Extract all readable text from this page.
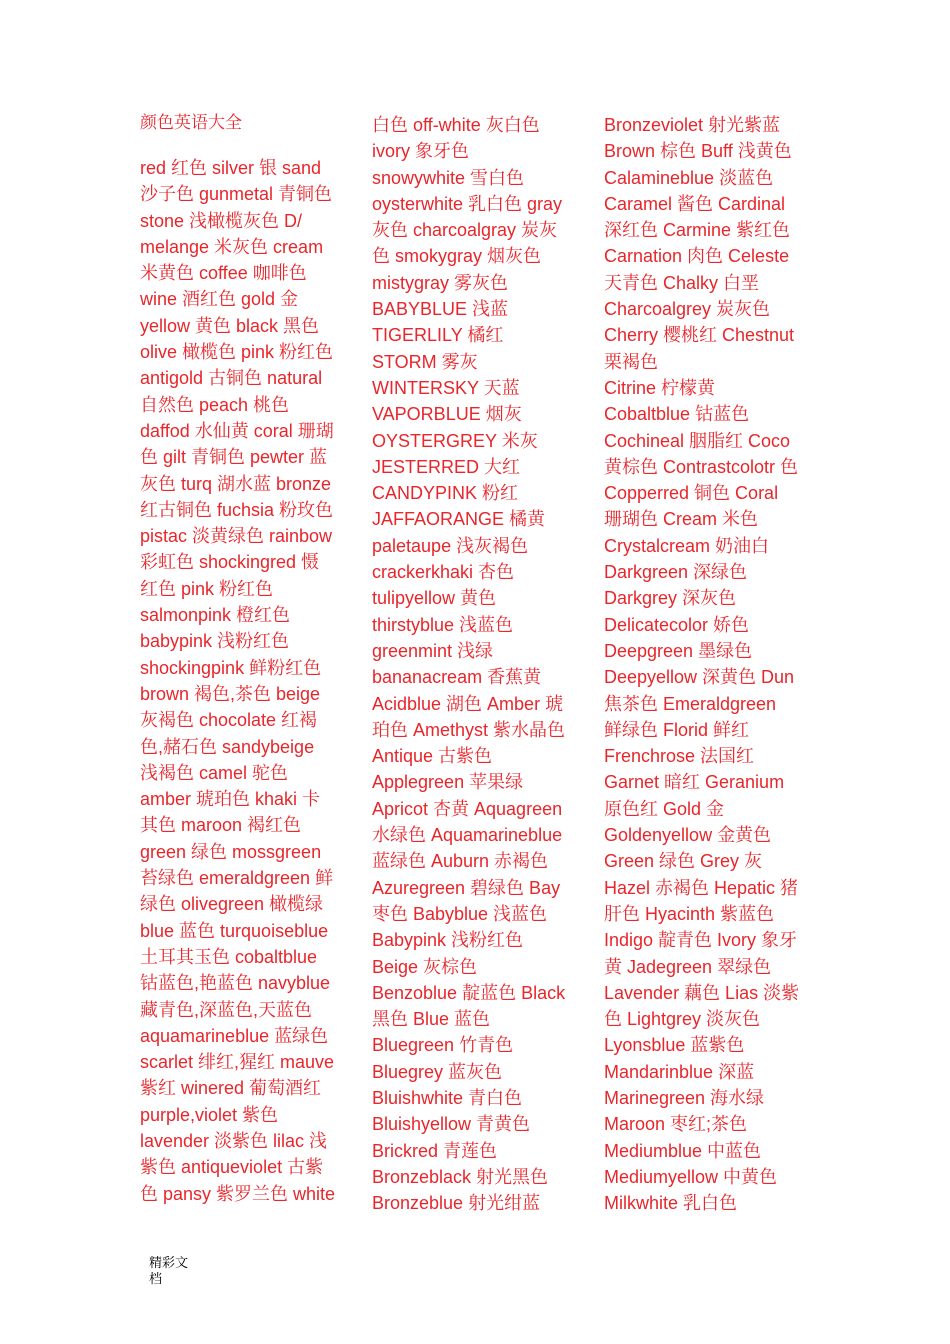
颜色英语大全
red 红色 silver 银 sand
沙子色 gunmetal 青铜色
stone 浅橄榄灰色 D/
melange 米灰色 cream
米黄色 coffee 咖啡色
wine 酒红色 gold 金
yellow 黄色 black 黑色
olive 橄榄色 pink 粉红色
antigold 古铜色 natural
自然色 peach 桃色
daffod 水仙黄 coral 珊瑚
色 gilt 青铜色 pewter 蓝
灰色 turq 湖水蓝 bronze
红古铜色 fuchsia 粉玫色
pistac 淡黄绿色 rainbow
彩虹色 shockingred 慑
红色 pink 粉红色
salmonpink 橙红色
babypink 浅粉红色
shockingpink 鲜粉红色
brown 褐色,茶色 beige
灰褐色 chocolate 红褐
色,赭石色 sandybeige
浅褐色 camel 驼色
amber 琥珀色 khaki 卡
其色 maroon 褐红色
green 绿色 mossgreen
苔绿色 emeraldgreen 鲜
绿色 olivegreen 橄榄绿
blue 蓝色 turquoiseblue
土耳其玉色 cobaltblue
钴蓝色,艳蓝色 navyblue
藏青色,深蓝色,天蓝色
aquamarineblue 蓝绿色
scarlet 绯红,猩红 mauve
紫红 winered 葡萄酒红
purple,violet 紫色
lavender 淡紫色 lilac 浅
紫色 antiqueviolet 古紫
色 pansy 紫罗兰色 white
白色 off-white 灰白色
ivory 象牙色
snowywhite 雪白色
oysterwhite 乳白色 gray
灰色 charcoalgray 炭灰
色 smokygray 烟灰色
mistygray 雾灰色
BABYBLUE 浅蓝
TIGERLILY 橘红
STORM 雾灰
WINTERSKY 天蓝
VAPORBLUE 烟灰
OYSTERGREY 米灰
JESTERRED 大红
CANDYPINK 粉红
JAFFAORANGE 橘黄
paletaupe 浅灰褐色
crackerkhaki 杏色
tulipyellow 黄色
thirstyblue 浅蓝色
greenmint 浅绿
bananacream 香蕉黄
Acidblue 湖色 Amber 琥
珀色 Amethyst 紫水晶色
Antique 古紫色
Applegreen 苹果绿
Apricot 杏黄 Aquagreen
水绿色 Aquamarineblue
蓝绿色 Auburn 赤褐色
Azuregreen 碧绿色 Bay
枣色 Babyblue 浅蓝色
Babypink 浅粉红色
Beige 灰棕色
Benzoblue 靛蓝色 Black
黑色 Blue 蓝色
Bluegreen 竹青色
Bluegrey 蓝灰色
Bluishwhite 青白色
Bluishyellow 青黄色
Brickred 青莲色
Bronzeblack 射光黑色
Bronzeblue 射光绀蓝
Bronzeviolet 射光紫蓝
Brown 棕色 Buff 浅黄色
Calamineblue 淡蓝色
Caramel 酱色 Cardinal
深红色 Carmine 紫红色
Carnation 肉色 Celeste
天青色 Chalky 白垩
Charcoalgrey 炭灰色
Cherry 樱桃红 Chestnut
栗褐色
Citrine 柠檬黄
Cobaltblue 钴蓝色
Cochineal 胭脂红 Coco
黄棕色 Contrastcolotr 色
Copperred 铜色 Coral
珊瑚色 Cream 米色
Crystalcream 奶油白
Darkgreen 深绿色
Darkgrey 深灰色
Delicatecolor 娇色
Deepgreen 墨绿色
Deepyellow 深黄色 Dun
焦茶色 Emeraldgreen
鲜绿色 Florid 鲜红
Frenchrose 法国红
Garnet 暗红 Geranium
原色红 Gold 金
Goldenyellow 金黄色
Green 绿色 Grey 灰
Hazel 赤褐色 Hepatic 猪
肝色 Hyacinth 紫蓝色
Indigo 靛青色 Ivory 象牙
黄 Jadegreen 翠绿色
Lavender 藕色 Lias 淡紫
色 Lightgrey 淡灰色
Lyonsblue 蓝紫色
Mandarinblue 深蓝
Marinegreen 海水绿
Maroon 枣红;茶色
Mediumblue 中蓝色
Mediumyellow 中黄色
Milkwhite 乳白色
精彩文档
